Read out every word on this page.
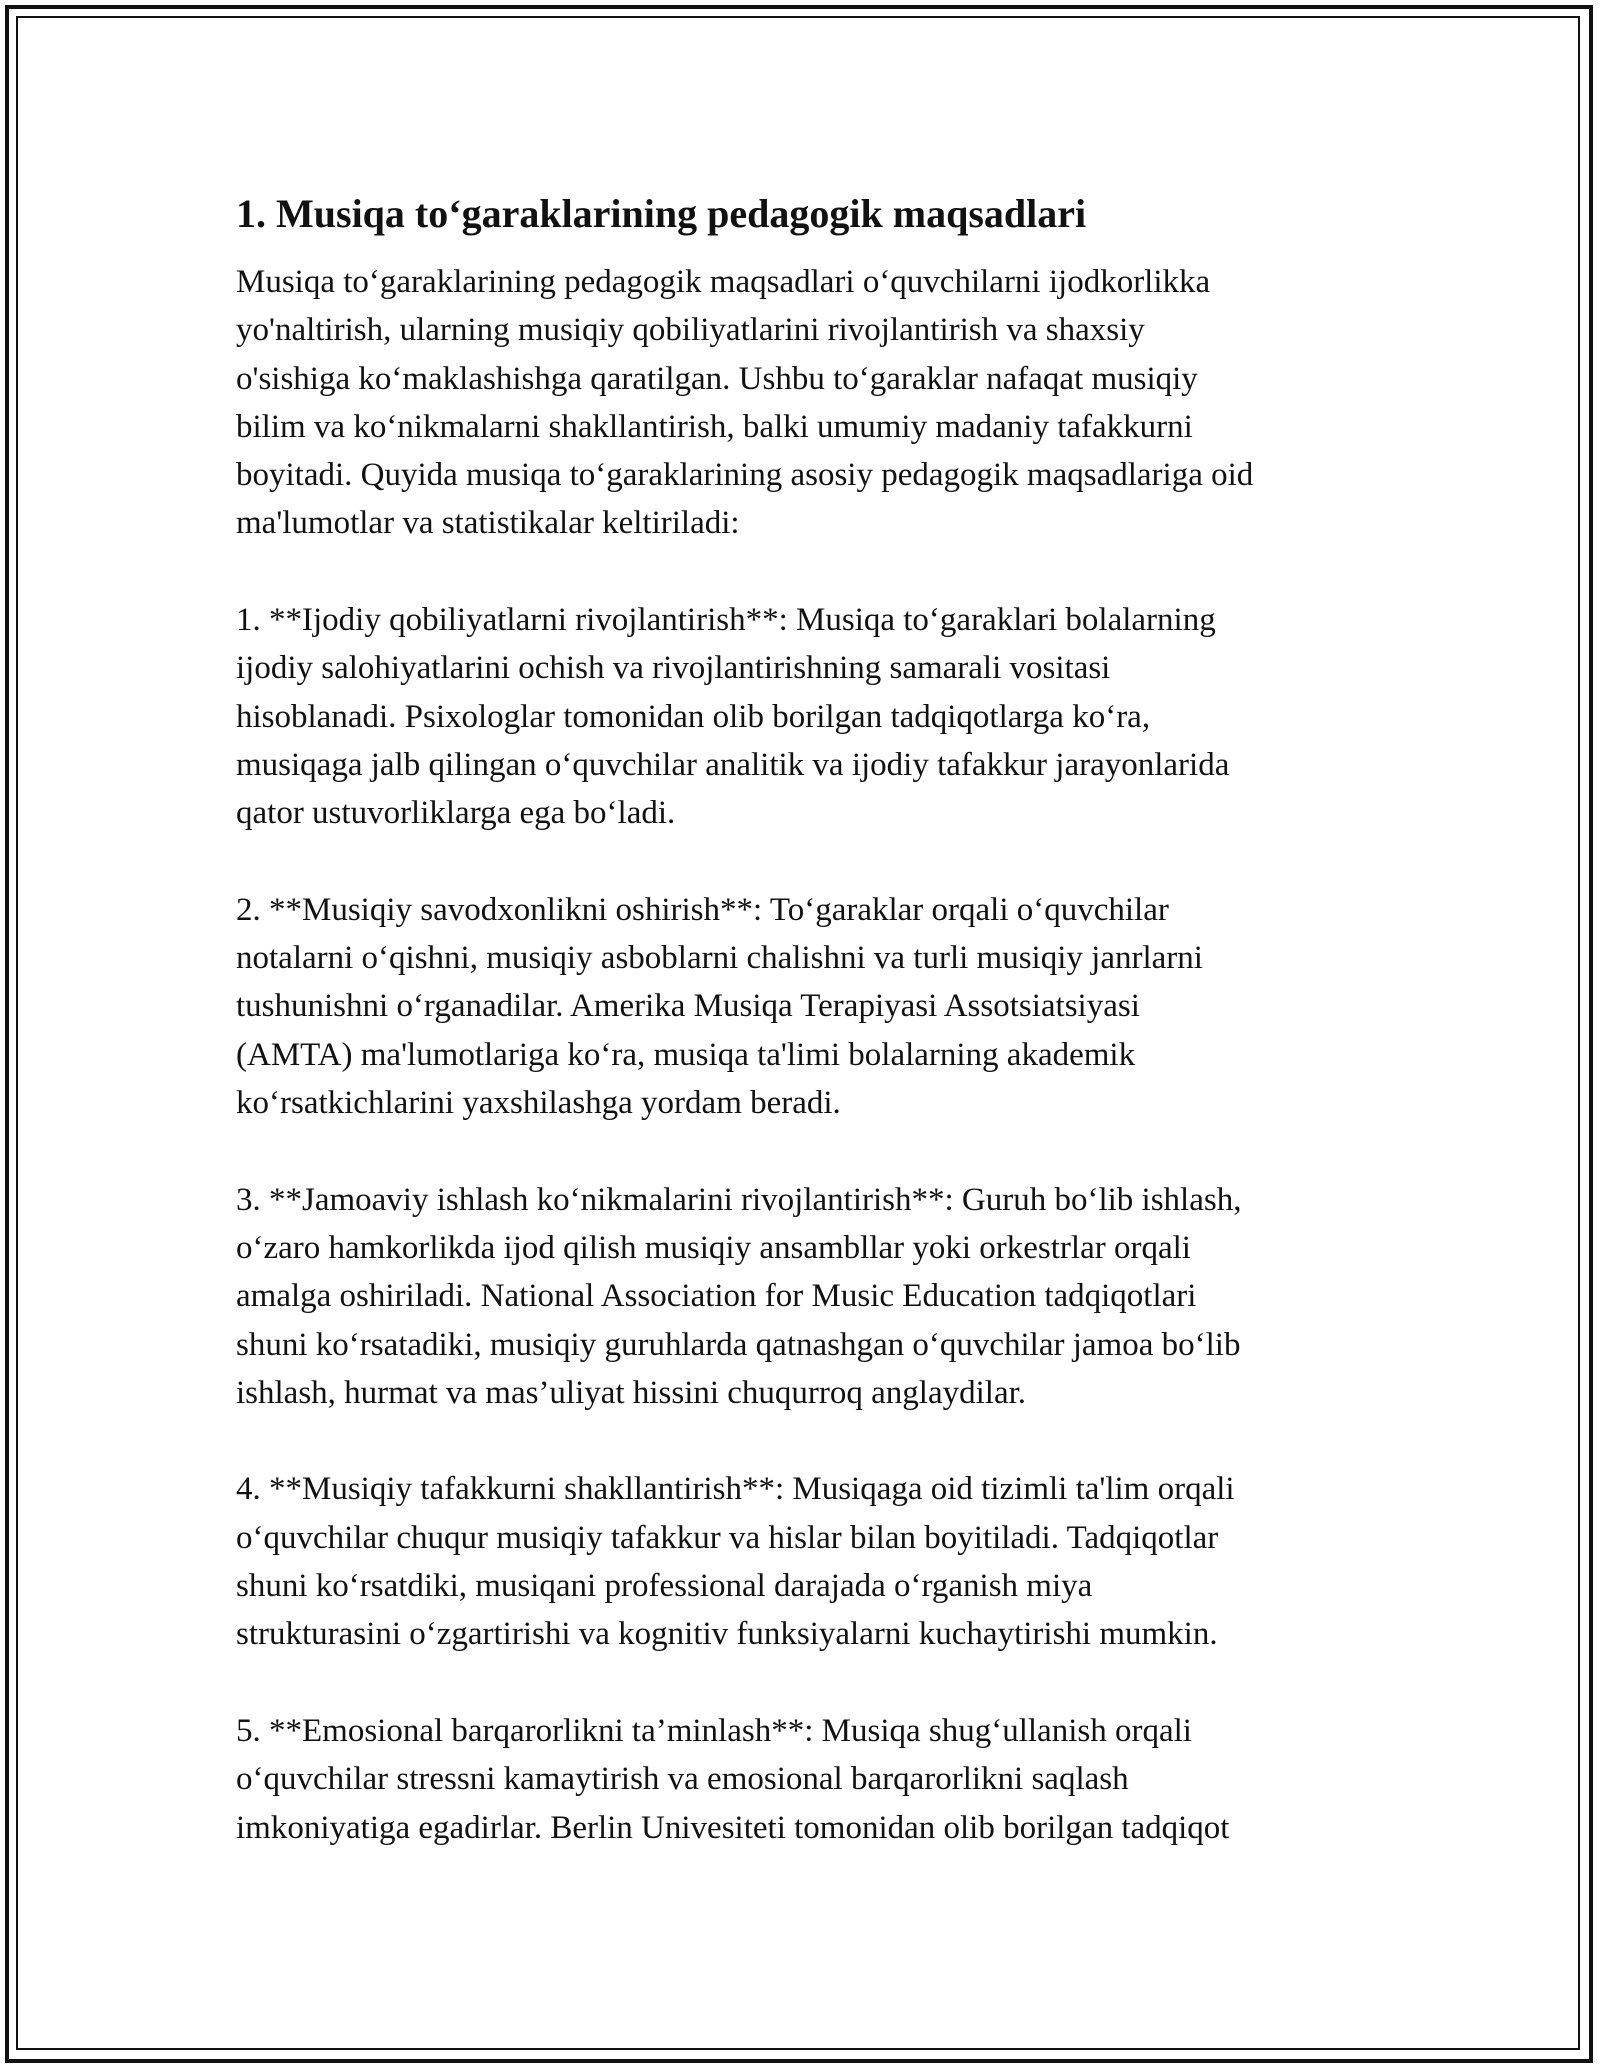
1. Musiqa to‘garaklarining pedagogik maqsadlari
Musiqa to‘garaklarining pedagogik maqsadlari o‘quvchilarni ijodkorlikka
yo'naltirish, ularning musiqiy qobiliyatlarini rivojlantirish va shaxsiy
o'sishiga ko‘maklashishga qaratilgan. Ushbu to‘garaklar nafaqat musiqiy
bilim va ko‘nikmalarni shakllantirish, balki umumiy madaniy tafakkurni
boyitadi. Quyida musiqa to‘garaklarining asosiy pedagogik maqsadlariga oid
ma'lumotlar va statistikalar keltiriladi:
1. **Ijodiy qobiliyatlarni rivojlantirish**: Musiqa to‘garaklari bolalarning
ijodiy salohiyatlarini ochish va rivojlantirishning samarali vositasi
hisoblanadi. Psixologlar tomonidan olib borilgan tadqiqotlarga ko‘ra,
musiqaga jalb qilingan o‘quvchilar analitik va ijodiy tafakkur jarayonlarida
qator ustuvorliklarga ega bo‘ladi.
2. **Musiqiy savodxonlikni oshirish**: To‘garaklar orqali o‘quvchilar
notalarni o‘qishni, musiqiy asboblarni chalishni va turli musiqiy janrlarni
tushunishni o‘rganadilar. Amerika Musiqa Terapiyasi Assotsiatsiyasi
(AMTA) ma'lumotlariga ko‘ra, musiqa ta'limi bolalarning akademik
ko‘rsatkichlarini yaxshilashga yordam beradi.
3. **Jamoaviy ishlash ko‘nikmalarini rivojlantirish**: Guruh bo‘lib ishlash,
o‘zaro hamkorlikda ijod qilish musiqiy ansambllar yoki orkestrlar orqali
amalga oshiriladi. National Association for Music Education tadqiqotlari
shuni ko‘rsatadiki, musiqiy guruhlarda qatnashgan o‘quvchilar jamoa bo‘lib
ishlash, hurmat va mas’uliyat hissini chuqurroq anglaydilar.
4. **Musiqiy tafakkurni shakllantirish**: Musiqaga oid tizimli ta'lim orqali
o‘quvchilar chuqur musiqiy tafakkur va hislar bilan boyitiladi. Tadqiqotlar
shuni ko‘rsatdiki, musiqani professional darajada o‘rganish miya
strukturasini o‘zgartirishi va kognitiv funksiyalarni kuchaytirishi mumkin.
5. **Emosional barqarorlikni ta’minlash**: Musiqa shug‘ullanish orqali
o‘quvchilar stressni kamaytirish va emosional barqarorlikni saqlash
imkoniyatiga egadirlar. Berlin Univesiteti tomonidan olib borilgan tadqiqot
